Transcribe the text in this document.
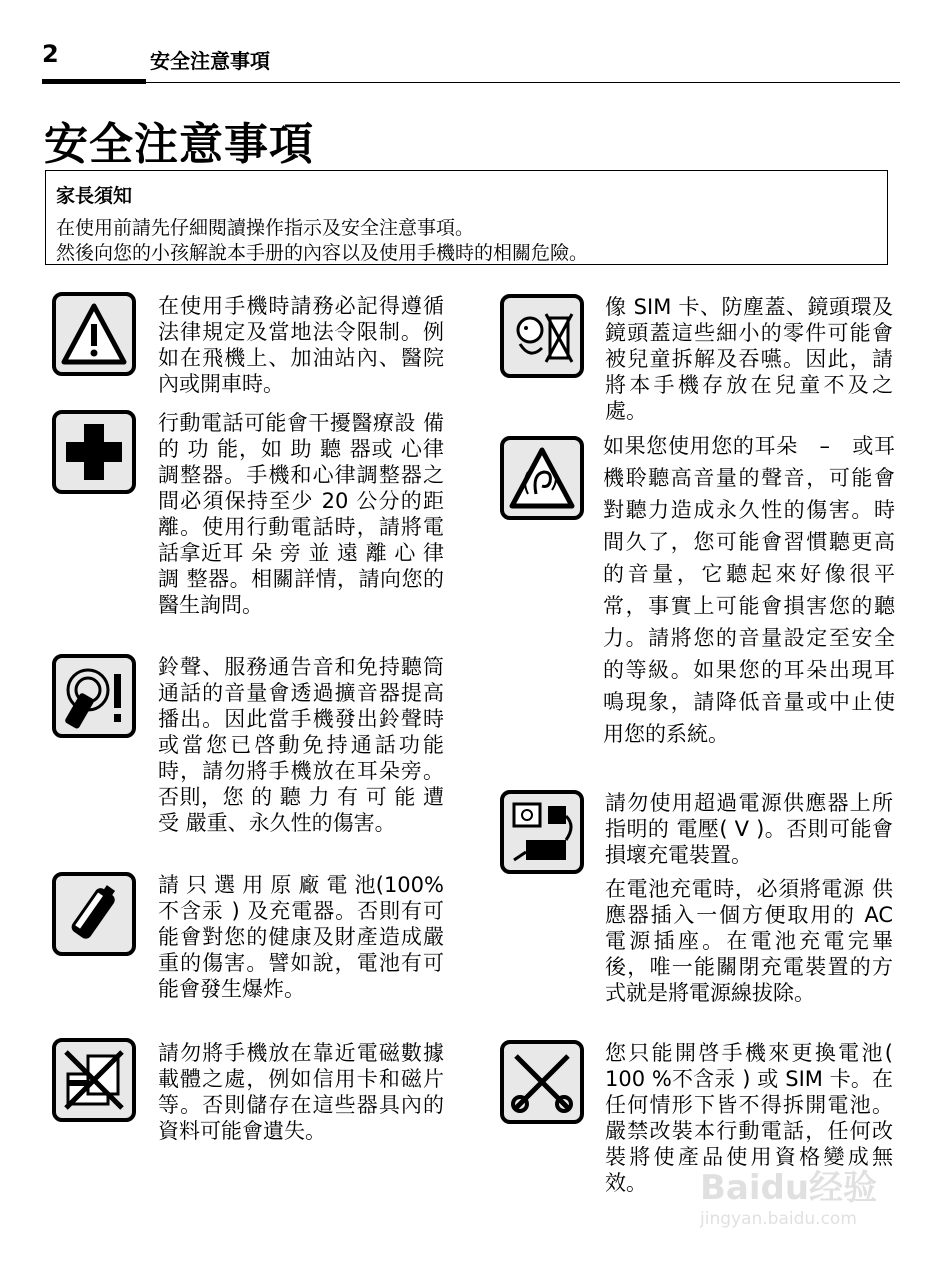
2	安全注意事項
安全注意事項
家長須知
在使用前請先仔細閱讀操作指示及安全注意事項。
然後向您的小孩解說本手册的內容以及使用手機時的相關危險。

在使用手機時請務必記得遵循法律規定及當地法令限制。例如在飛機上、加油站內、醫院內或開車時。

行動電話可能會干擾醫療設 備 的 功 能，如 助 聽 器或 心律調整器。手機和心律調整器之間必須保持至少 20 公分的距離。使用行動電話時，請將電話拿近耳 朵 旁 並 遠 離 心 律 調 整器。相關詳情，請向您的醫生詢問。

鈴聲、服務通告音和免持聽筒通話的音量會透過擴音器提高播出。因此當手機發出鈴聲時或當您已啓動免持通話功能時，請勿將手機放在耳朵旁。否則，您 的 聽 力 有 可 能 遭 受 嚴重、永久性的傷害。

請 只 選 用 原 廠 電 池(100%　不含汞 ) 及充電器。否則有可能會對您的健康及財產造成嚴重的傷害。譬如說，電池有可能會發生爆炸。

請勿將手機放在靠近電磁數據載體之處，例如信用卡和磁片等。否則儲存在這些器具內的資料可能會遺失。

像 SIM 卡、防塵蓋、鏡頭環及鏡頭蓋這些細小的零件可能會被兒童拆解及吞嚥。因此，請將本手機存放在兒童不及之處。

如果您使用您的耳朵　–　或耳機聆聽高音量的聲音，可能會對聽力造成永久性的傷害。時間久了，您可能會習慣聽更高的音量，它聽起來好像很平常，事實上可能會損害您的聽力。請將您的音量設定至安全的等級。如果您的耳朵出現耳鳴現象，請降低音量或中止使用您的系統。

請勿使用超過電源供應器上所指明的 電壓( V )。否則可能會損壞充電裝置。

在電池充電時，必須將電源 供應器插入一個方便取用的 AC 電源插座。在電池充電完畢後，唯一能關閉充電裝置的方式就是將電源線拔除。

您只能開啓手機來更換電池( 100 %不含汞 ) 或 SIM 卡。在任何情形下皆不得拆開電池。嚴禁改裝本行動電話，任何改裝將使產品使用資格變成無效。	Baidu经验
jingyan.baidu.com
